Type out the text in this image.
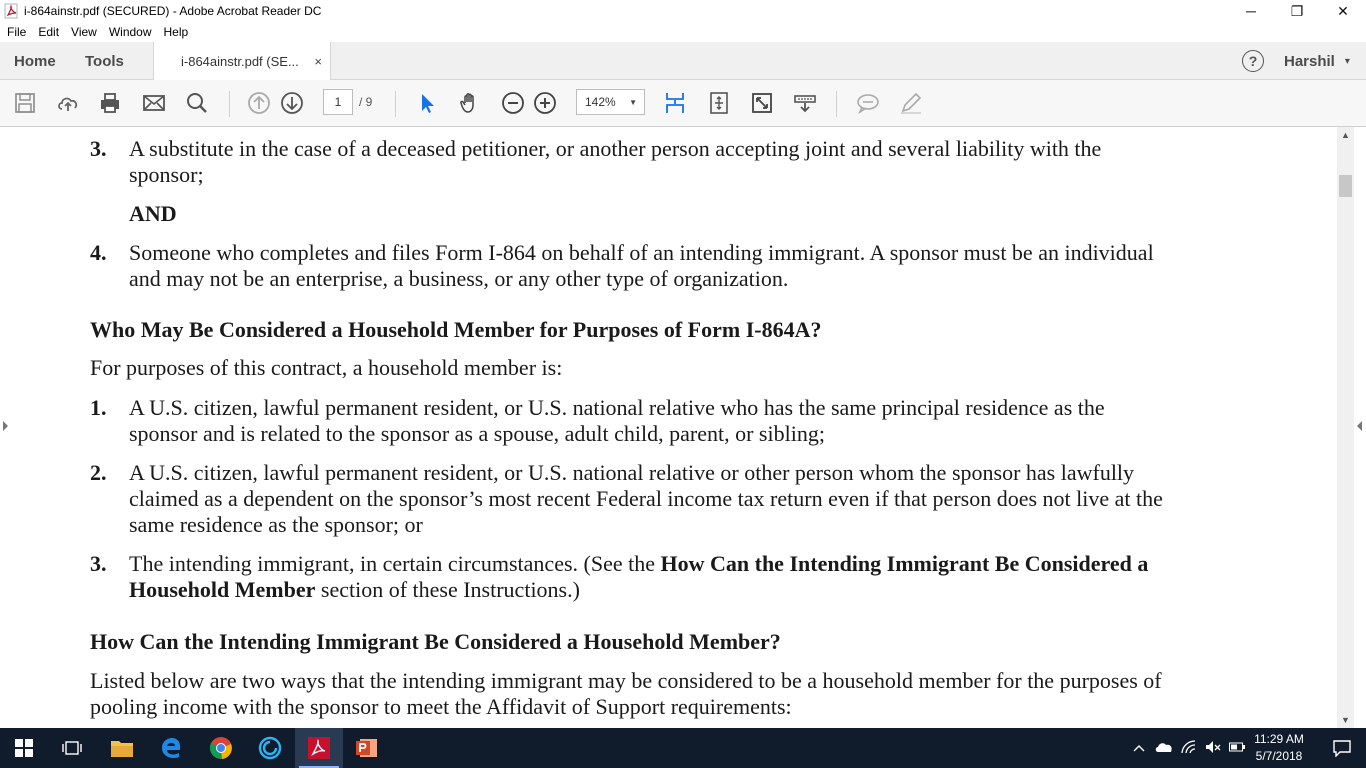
i-864ainstr.pdf (SECURED) - Adobe Acrobat Reader DC	─	❐	✕
File	Edit	View	Window	Help
Home Tools	i-864ainstr.pdf (SE... ×	?	Harshil ▾
1	/ 9	142% ▼
3. A substitute in the case of a deceased petitioner, or another person accepting joint and several liability with the
sponsor;
AND
4. Someone who completes and files Form I-864 on behalf of an intending immigrant. A sponsor must be an individual
and may not be an enterprise, a business, or any other type of organization.
Who May Be Considered a Household Member for Purposes of Form I-864A?
For purposes of this contract, a household member is:
1. A U.S. citizen, lawful permanent resident, or U.S. national relative who has the same principal residence as the
sponsor and is related to the sponsor as a spouse, adult child, parent, or sibling;
2. A U.S. citizen, lawful permanent resident, or U.S. national relative or other person whom the sponsor has lawfully
claimed as a dependent on the sponsor’s most recent Federal income tax return even if that person does not live at the
same residence as the sponsor; or
3. The intending immigrant, in certain circumstances. (See the How Can the Intending Immigrant Be Considered a
Household Member section of these Instructions.)
How Can the Intending Immigrant Be Considered a Household Member?
Listed below are two ways that the intending immigrant may be considered to be a household member for the purposes of
pooling income with the sponsor to meet the Affidavit of Support requirements:
▲
▼
11:29 AM
5/7/2018
